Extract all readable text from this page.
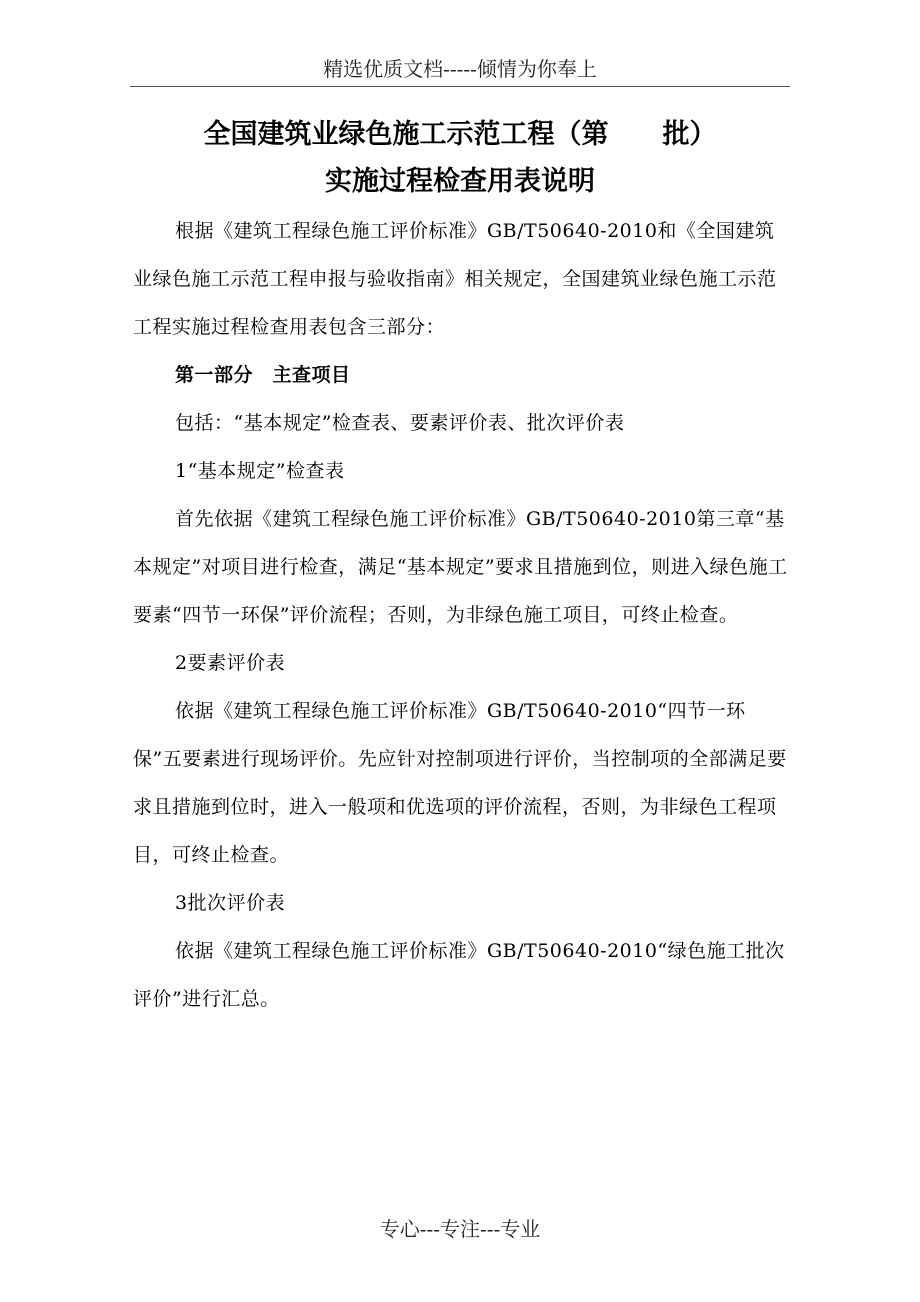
精选优质文档-----倾情为你奉上
全国建筑业绿色施工示范工程（第　　批）
实施过程检查用表说明

根据《建筑工程绿色施工评价标准》GB/T50640-2010和《全国建筑业绿色施工示范工程申报与验收指南》相关规定，全国建筑业绿色施工示范工程实施过程检查用表包含三部分：

第一部分　主查项目

包括：“基本规定”检查表、要素评价表、批次评价表

1“基本规定”检查表

首先依据《建筑工程绿色施工评价标准》GB/T50640-2010第三章“基本规定”对项目进行检查，满足“基本规定”要求且措施到位，则进入绿色施工要素“四节一环保”评价流程；否则，为非绿色施工项目，可终止检查。

2要素评价表

依据《建筑工程绿色施工评价标准》GB/T50640-2010“四节一环保”五要素进行现场评价。先应针对控制项进行评价，当控制项的全部满足要求且措施到位时，进入一般项和优选项的评价流程，否则，为非绿色工程项目，可终止检查。

3批次评价表

依据《建筑工程绿色施工评价标准》GB/T50640-2010“绿色施工批次评价”进行汇总。

专心---专注---专业
